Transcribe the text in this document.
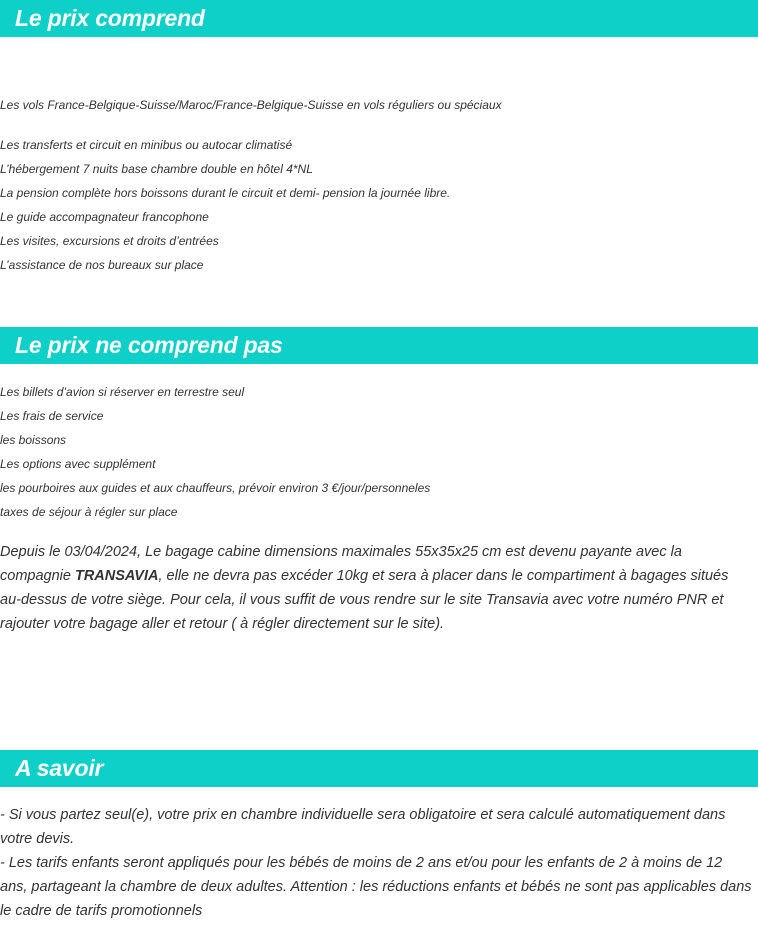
Le prix comprend
Les vols France-Belgique-Suisse/Maroc/France-Belgique-Suisse en vols réguliers ou spéciaux
Les transferts et circuit en minibus ou autocar climatisé
L’hébergement 7 nuits base chambre double en hôtel 4*NL
La pension complète hors boissons durant le circuit et demi- pension la journée libre.
Le guide accompagnateur francophone
Les visites, excursions et droits d’entrées
L’assistance de nos bureaux sur place
Le prix ne comprend pas
Les billets d’avion si réserver en terrestre seul
Les frais de service
les boissons
Les options avec supplément
les pourboires aux guides et aux chauffeurs, prévoir environ 3 €/jour/personneles
taxes de séjour à régler sur place

Depuis le 03/04/2024, Le bagage cabine dimensions maximales 55x35x25 cm est devenu payante avec la compagnie TRANSAVIA, elle ne devra pas excéder 10kg et sera à placer dans le compartiment à bagages situés au-dessus de votre siège. Pour cela, il vous suffit de vous rendre sur le site Transavia avec votre numéro PNR et rajouter votre bagage aller et retour ( à régler directement sur le site).

A savoir

- Si vous partez seul(e), votre prix en chambre individuelle sera obligatoire et sera calculé automatiquement dans votre devis.

- Les tarifs enfants seront appliqués pour les bébés de moins de 2 ans et/ou pour les enfants de 2 à moins de 12 ans, partageant la chambre de deux adultes. Attention : les réductions enfants et bébés ne sont pas applicables dans le cadre de tarifs promotionnels
